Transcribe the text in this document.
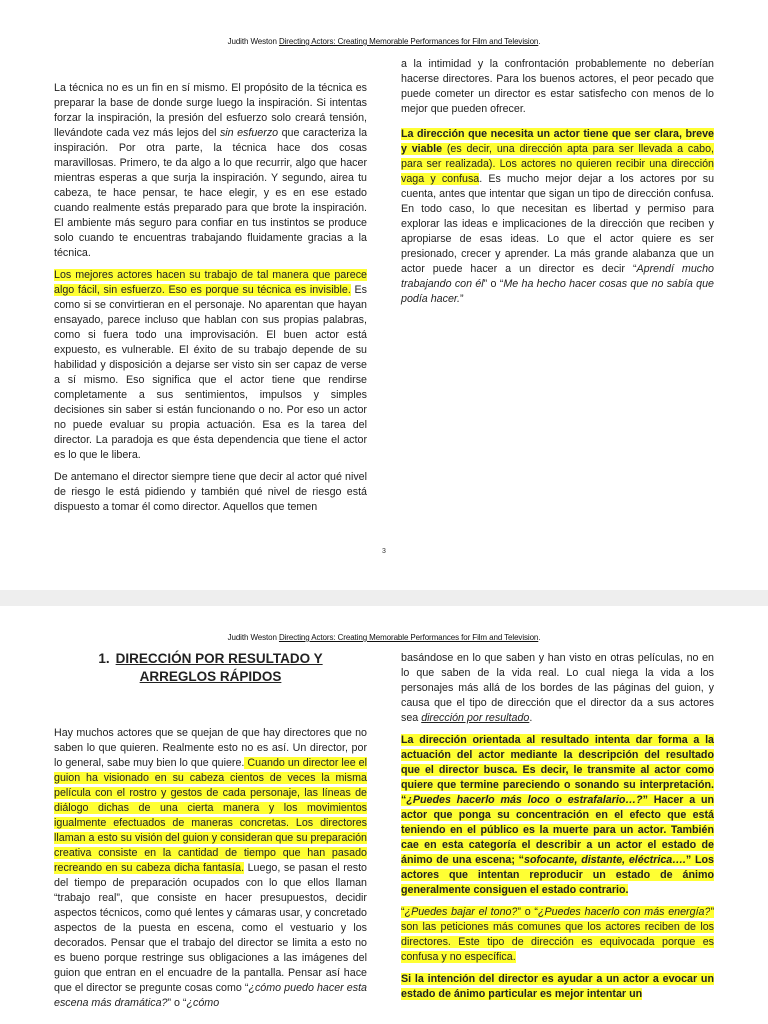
Judith Weston Directing Actors: Creating Memorable Performances for Film and Television.

La técnica no es un fin en sí mismo. El propósito de la técnica es preparar la base de donde surge luego la inspiración. Si intentas forzar la inspiración, la presión del esfuerzo solo creará tensión, llevándote cada vez más lejos del sin esfuerzo que caracteriza la inspiración. Por otra parte, la técnica hace dos cosas maravillosas. Primero, te da algo a lo que recurrir, algo que hacer mientras esperas a que surja la inspiración. Y segundo, airea tu cabeza, te hace pensar, te hace elegir, y es en ese estado cuando realmente estás preparado para que brote la inspiración. El ambiente más seguro para confiar en tus instintos se produce solo cuando te encuentras trabajando fluidamente gracias a la técnica.

Los mejores actores hacen su trabajo de tal manera que parece algo fácil, sin esfuerzo. Eso es porque su técnica es invisible. Es como si se convirtieran en el personaje. No aparentan que hayan ensayado, parece incluso que hablan con sus propias palabras, como si fuera todo una improvisación. El buen actor está expuesto, es vulnerable. El éxito de su trabajo depende de su habilidad y disposición a dejarse ser visto sin ser capaz de verse a sí mismo. Eso significa que el actor tiene que rendirse completamente a sus sentimientos, impulsos y simples decisiones sin saber si están funcionando o no. Por eso un actor no puede evaluar su propia actuación. Esa es la tarea del director. La paradoja es que ésta dependencia que tiene el actor es lo que le libera.

De antemano el director siempre tiene que decir al actor qué nivel de riesgo le está pidiendo y también qué nivel de riesgo está dispuesto a tomar él como director. Aquellos que temen

a la intimidad y la confrontación probablemente no deberían hacerse directores. Para los buenos actores, el peor pecado que puede cometer un director es estar satisfecho con menos de lo mejor que pueden ofrecer.

La dirección que necesita un actor tiene que ser clara, breve y viable (es decir, una dirección apta para ser llevada a cabo, para ser realizada). Los actores no quieren recibir una dirección vaga y confusa. Es mucho mejor dejar a los actores por su cuenta, antes que intentar que sigan un tipo de dirección confusa. En todo caso, lo que necesitan es libertad y permiso para explorar las ideas e implicaciones de la dirección que reciben y apropiarse de esas ideas. Lo que el actor quiere es ser presionado, crecer y aprender. La más grande alabanza que un actor puede hacer a un director es decir “Aprendí mucho trabajando con él” o “Me ha hecho hacer cosas que no sabía que podía hacer.”

3
Judith Weston Directing Actors: Creating Memorable Performances for Film and Television.
1. DIRECCIÓN POR RESULTADO Y
ARREGLOS RÁPIDOS

Hay muchos actores que se quejan de que hay directores que no saben lo que quieren. Realmente esto no es así. Un director, por lo general, sabe muy bien lo que quiere. Cuando un director lee el guion ha visionado en su cabeza cientos de veces la misma película con el rostro y gestos de cada personaje, las líneas de diálogo dichas de una cierta manera y los movimientos igualmente efectuados de maneras concretas. Los directores llaman a esto su visión del guion y consideran que su preparación creativa consiste en la cantidad de tiempo que han pasado recreando en su cabeza dicha fantasía. Luego, se pasan el resto del tiempo de preparación ocupados con lo que ellos llaman “trabajo real”, que consiste en hacer presupuestos, decidir aspectos técnicos, como qué lentes y cámaras usar, y concretado aspectos de la puesta en escena, como el vestuario y los decorados. Pensar que el trabajo del director se limita a esto no es bueno porque restringe sus obligaciones a las imágenes del guion que entran en el encuadre de la pantalla. Pensar así hace que el director se pregunte cosas como “¿cómo puedo hacer esta escena más dramática?” o “¿cómo

basándose en lo que saben y han visto en otras películas, no en lo que saben de la vida real. Lo cual niega la vida a los personajes más allá de los bordes de las páginas del guion, y causa que el tipo de dirección que el director da a sus actores sea dirección por resultado.

La dirección orientada al resultado intenta dar forma a la actuación del actor mediante la descripción del resultado que el director busca. Es decir, le transmite al actor como quiere que termine pareciendo o sonando su interpretación. “¿Puedes hacerlo más loco o estrafalario…?” Hacer a un actor que ponga su concentración en el efecto que está teniendo en el público es la muerte para un actor. También cae en esta categoría el describir a un actor el estado de ánimo de una escena; “sofocante, distante, eléctrica….” Los actores que intentan reproducir un estado de ánimo generalmente consiguen el estado contrario.

“¿Puedes bajar el tono?” o “¿Puedes hacerlo con más energía?” son las peticiones más comunes que los actores reciben de los directores. Este tipo de dirección es equivocada porque es confusa y no específica.

Si la intención del director es ayudar a un actor a evocar un estado de ánimo particular es mejor intentar un
